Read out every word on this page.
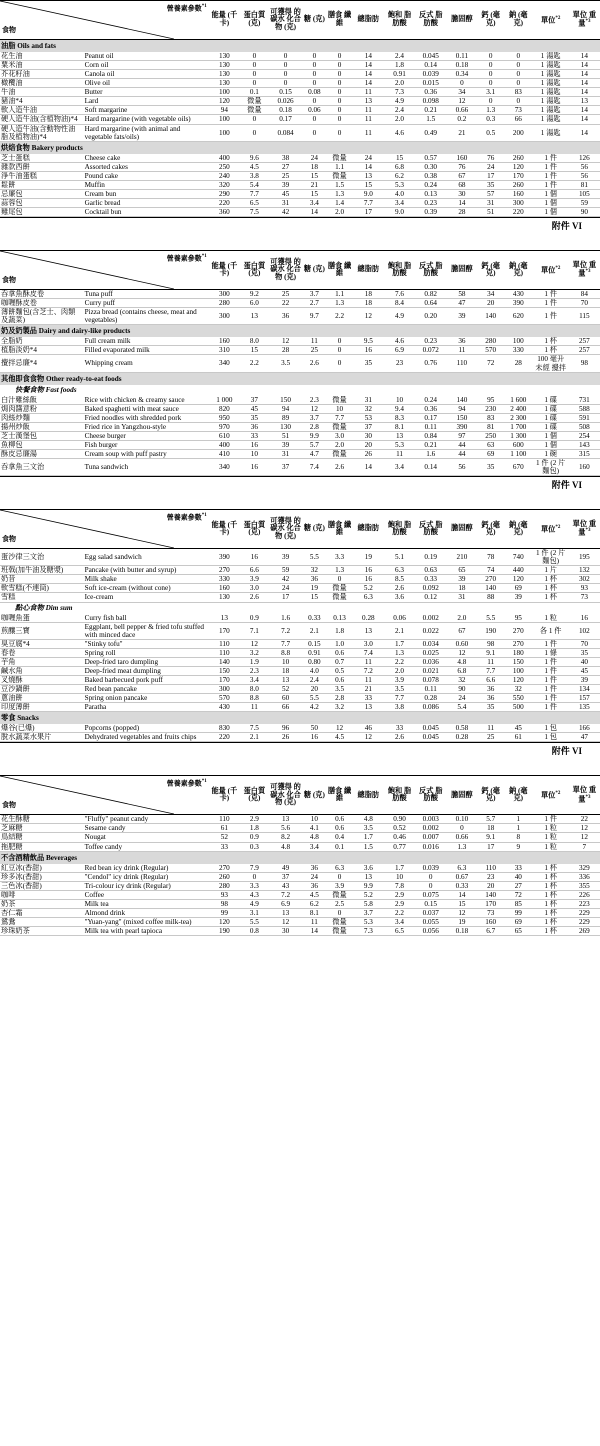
營養素參數$^{*1}$
食物		能量 (千卡)	蛋白質 (克)	可獲得 的碳水 化合物 (克)	糖 (克)	膳食 纖維	總脂肪	飽和 脂肪酸	反式 脂肪酸	膽固醇	鈣 (毫克)	鈉 (毫克)	單位$^{*2}$	單位 重量$^{*3}$
油脂 Oils and fats														
花生油	Peanut oil	130	0	0	0	0	14	2.4	0.045	0.11	0	0	1 湯匙	14
粟米油	Corn oil	130	0	0	0	0	14	1.8	0.14	0.18	0	0	1 湯匙	14
芥花籽油	Canola oil	130	0	0	0	0	14	0.91	0.039	0.34	0	0	1 湯匙	14
橄欖油	Olive oil	130	0	0	0	0	14	2.0	0.015	0	0	0	1 湯匙	14
牛油	Butter	100	0.1	0.15	0.08	0	11	7.3	0.36	34	3.1	83	1 湯匙	14
豬油*4	Lard	120	微量	0.026	0	0	13	4.9	0.098	12	0	0	1 湯匙	13
軟人造牛油	Soft margarine	94	微量	0.18	0.06	0	11	2.4	0.21	0.66	1.3	73	1 湯匙	14
硬人造牛油(含植物油)*4	Hard margarine (with vegetable oils)	100	0	0.17	0	0	11	2.0	1.5	0.2	0.3	66	1 湯匙	14
硬人造牛油(含動物性油脂及植物油)*4	Hard margarine (with animal and vegetable fats/oils)	100	0	0.084	0	0	11	4.6	0.49	21	0.5	200	1 湯匙	14
烘焙食物 Bakery products														
芝士蛋糕	Cheese cake	400	9.6	38	24	微量	24	15	0.57	160	76	260	1 件	126
雜款西餅	Assorted cakes	250	4.5	27	18	1.1	14	6.8	0.30	76	24	120	1 件	56
淨牛油蛋糕	Pound cake	240	3.8	25	15	微量	13	6.2	0.38	67	17	170	1 件	56
鬆餅	Muffin	320	5.4	39	21	1.5	15	5.3	0.24	68	35	260	1 件	81
忌廉包	Cream bun	290	7.7	45	15	1.3	9.0	4.0	0.13	30	57	160	1 個	105
蒜蓉包	Garlic bread	220	6.5	31	3.4	1.4	7.7	3.4	0.23	14	31	300	1 個	59
雞尾包	Cocktail bun	360	7.5	42	14	2.0	17	9.0	0.39	28	51	220	1 個	90
附件 VI
營養素參數$^{*1}$
食物		能量 (千卡)	蛋白質 (克)	可獲得 的碳水 化合物 (克)	糖 (克)	膳食 纖維	總脂肪	飽和 脂肪酸	反式 脂肪酸	膽固醇	鈣 (毫克)	鈉 (毫克)	單位$^{*2}$	單位 重量$^{*3}$
吞拿魚酥皮卷	Tuna puff	300	9.2	25	3.7	1.1	18	7.6	0.82	58	34	430	1 件	84
咖喱酥皮卷	Curry puff	280	6.0	22	2.7	1.3	18	8.4	0.64	47	20	390	1 件	70
薄餅麵包(含芝士、肉類及蔬菜)	Pizza bread (contains cheese, meat and vegetables)	300	13	36	9.7	2.2	12	4.9	0.20	39	140	620	1 件	115
奶及奶製品 Dairy and dairy-like products														
全脂奶	Full cream milk	160	8.0	12	11	0	9.5	4.6	0.23	36	280	100	1 杯	257
植脂淡奶*4	Filled evaporated milk	310	15	28	25	0	16	6.9	0.072	11	570	330	1 杯	257
攪拌忌廉*4	Whipping cream	340	2.2	3.5	2.6	0	35	23	0.76	110	72	28	100 毫升 未經 攪拌	98
其他即食食物 Other ready-to-eat foods														
快餐食物 Fast foods														
白汁雞絲飯	Rice with chicken & creamy sauce	1 000	37	150	2.3	微量	31	10	0.24	140	95	1 600	1 碟	731
焗肉醬意粉	Baked spaghetti with meat sauce	820	45	94	12	10	32	9.4	0.36	94	230	2 400	1 碟	588
肉絲炒麵	Fried noodles with shredded pork	950	35	89	3.7	7.7	53	8.3	0.17	150	83	2 300	1 碟	591
揚州炒飯	Fried rice in Yangzhou-style	970	36	130	2.8	微量	37	8.1	0.11	390	81	1 700	1 碟	508
芝士漢堡包	Cheese burger	610	33	51	9.9	3.0	30	13	0.84	97	250	1 300	1 個	254
魚柳包	Fish burger	400	16	39	5.7	2.0	20	5.3	0.21	44	63	600	1 個	143
酥皮忌廉湯	Cream soup with puff pastry	410	10	31	4.7	微量	26	11	1.6	44	69	1 100	1 碗	315
吞拿魚三文治	Tuna sandwich	340	16	37	7.4	2.6	14	3.4	0.14	56	35	670	1 件 (2 片 麵包)	160
附件 VI
營養素參數$^{*1}$
食物		能量 (千卡)	蛋白質 (克)	可獲得 的碳水 化合物 (克)	糖 (克)	膳食 纖維	總脂肪	飽和 脂肪酸	反式 脂肪酸	膽固醇	鈣 (毫克)	鈉 (毫克)	單位$^{*2}$	單位 重量$^{*3}$
蛋沙律三文治	Egg salad sandwich	390	16	39	5.5	3.3	19	5.1	0.19	210	78	740	1 件 (2 片 麵包)	195
班戟(加牛油及糖漿)	Pancake (with butter and syrup)	270	6.6	59	32	1.3	16	6.3	0.63	65	74	440	1 片	132
奶昔	Milk shake	330	3.9	42	36	0	16	8.5	0.33	39	270	120	1 杯	302
軟雪糕(不連筒)	Soft ice-cream (without cone)	160	3.0	24	19	微量	5.2	2.6	0.092	18	140	69	1 杯	93
雪糕	Ice-cream	130	2.6	17	15	微量	6.3	3.6	0.12	31	88	39	1 杯	73
點心食物 Dim sum														
咖喱魚蛋	Curry fish ball	13	0.9	1.6	0.33	0.13	0.28	0.06	0.002	2.0	5.5	95	1 粒	16
煎釀三寶	Eggplant, bell pepper & fried tofu stuffed with minced dace	170	7.1	7.2	2.1	1.8	13	2.1	0.022	67	190	270	各 1 件	102
臭豆腐*4	"Stinky tofu"	110	12	7.7	0.15	1.0	3.0	1.7	0.034	0.60	98	270	1 件	70
春卷	Spring roll	110	3.2	8.8	0.91	0.6	7.4	1.3	0.025	12	9.1	180	1 條	35
芋角	Deep-fried taro dumpling	140	1.9	10	0.80	0.7	11	2.2	0.036	4.8	11	150	1 件	40
鹹水角	Deep-fried meat dumpling	150	2.3	18	4.0	0.5	7.2	2.0	0.021	6.8	7.7	100	1 件	45
叉燒酥	Baked barbecued pork puff	170	3.4	13	2.4	0.6	11	3.9	0.078	32	6.6	120	1 件	39
豆沙鍋餅	Red bean pancake	300	8.0	52	20	3.5	21	3.5	0.11	90	36	32	1 件	134
蔥油餅	Spring onion pancake	570	8.8	60	5.5	2.8	33	7.7	0.28	24	36	550	1 件	157
印度薄餅	Paratha	430	11	66	4.2	3.2	13	3.8	0.086	5.4	35	500	1 件	135
零食 Snacks														
爆谷(已爆)	Popcorns (popped)	830	7.5	96	50	12	46	33	0.045	0.58	11	45	1 包	166
脫水蔬菜水果片	Dehydrated vegetables and fruits chips	220	2.1	26	16	4.5	12	2.6	0.045	0.28	25	61	1 包	47
附件 VI
營養素參數$^{*1}$
食物		能量 (千卡)	蛋白質 (克)	可獲得 的碳水 化合物 (克)	糖 (克)	膳食 纖維	總脂肪	飽和 脂肪酸	反式 脂肪酸	膽固醇	鈣 (毫克)	鈉 (毫克)	單位$^{*2}$	單位 重量$^{*3}$
花生酥糖	"Fluffy" peanut candy	110	2.9	13	10	0.6	4.8	0.90	0.003	0.10	5.7	1	1 件	22
芝麻糖	Sesame candy	61	1.8	5.6	4.1	0.6	3.5	0.52	0.002	0	18	1	1 粒	12
鳥結糖	Nougat	52	0.9	8.2	4.8	0.4	1.7	0.46	0.007	0.66	9.1	8	1 粒	12
拖肥糖	Toffee candy	33	0.3	4.8	3.4	0.1	1.5	0.77	0.016	1.3	17	9	1 粒	7
不含酒精飲品 Beverages														
紅豆冰(香甜)	Red bean icy drink (Regular)	270	7.9	49	36	6.3	3.6	1.7	0.039	6.3	110	33	1 杯	329
珍多冰(香甜)	"Cendol" icy drink (Regular)	260	0	37	24	0	13	10	0	0.67	23	40	1 杯	336
三色冰(香甜)	Tri-colour icy drink (Regular)	280	3.3	43	36	3.9	9.9	7.8	0	0.33	20	27	1 杯	355
咖啡	Coffee	93	4.3	7.2	4.5	微量	5.2	2.9	0.075	14	140	72	1 杯	226
奶茶	Milk tea	98	4.9	6.9	6.2	2.5	5.8	2.9	0.15	15	170	85	1 杯	223
杏仁霜	Almond drink	99	3.1	13	8.1	0	3.7	2.2	0.037	12	73	99	1 杯	229
鴛鴦	"Yuan-yang" (mixed coffee milk-tea)	120	5.5	12	11	微量	5.3	3.4	0.055	19	160	69	1 杯	229
珍珠奶茶	Milk tea with pearl tapioca	190	0.8	30	14	微量	7.3	6.5	0.056	0.18	6.7	65	1 杯	269
